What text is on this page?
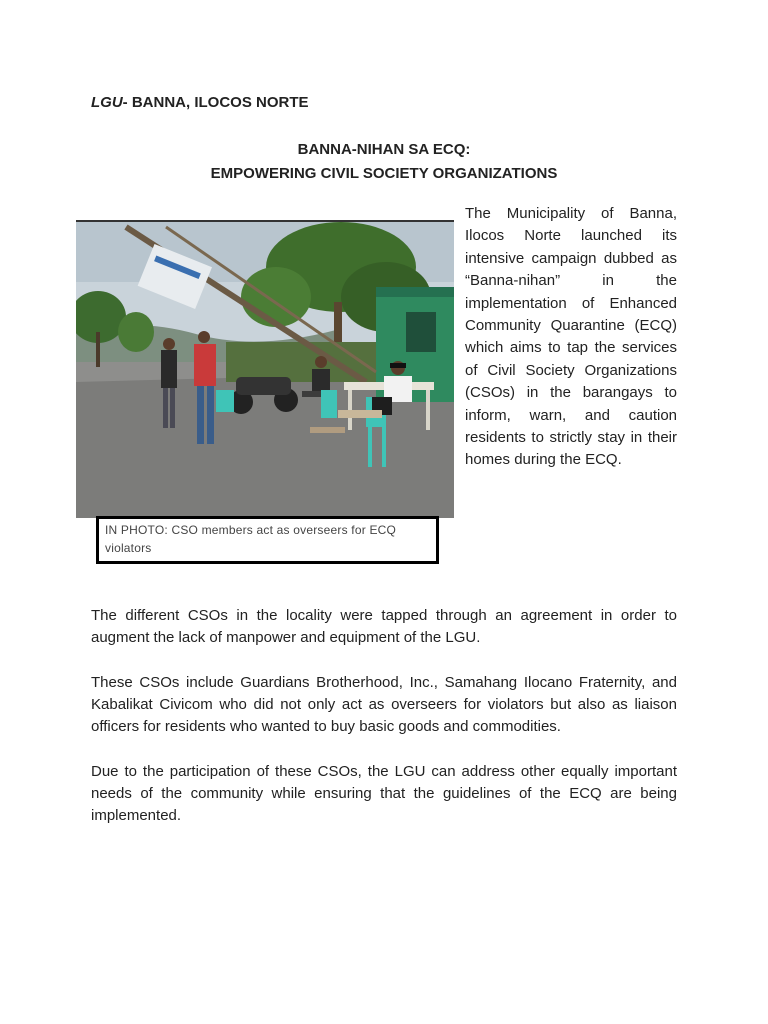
LGU- BANNA, ILOCOS NORTE
BANNA-NIHAN SA ECQ:
EMPOWERING CIVIL SOCIETY ORGANIZATIONS
IN PHOTO: CSO members act as overseers for ECQ violators
The Municipality of Banna, Ilocos Norte launched its intensive campaign dubbed as “Banna-nihan” in the implementation of Enhanced Community Quarantine (ECQ) which aims to tap the services of Civil Society Organizations (CSOs) in the barangays to inform, warn, and caution residents to strictly stay in their homes during the ECQ.
The different CSOs in the locality were tapped through an agreement in order to augment the lack of manpower and equipment of the LGU.
These CSOs include Guardians Brotherhood, Inc., Samahang Ilocano Fraternity, and Kabalikat Civicom who did not only act as overseers for violators but also as liaison officers for residents who wanted to buy basic goods and commodities.
Due to the participation of these CSOs, the LGU can address other equally important needs of the community while ensuring that the guidelines of the ECQ are being implemented.
